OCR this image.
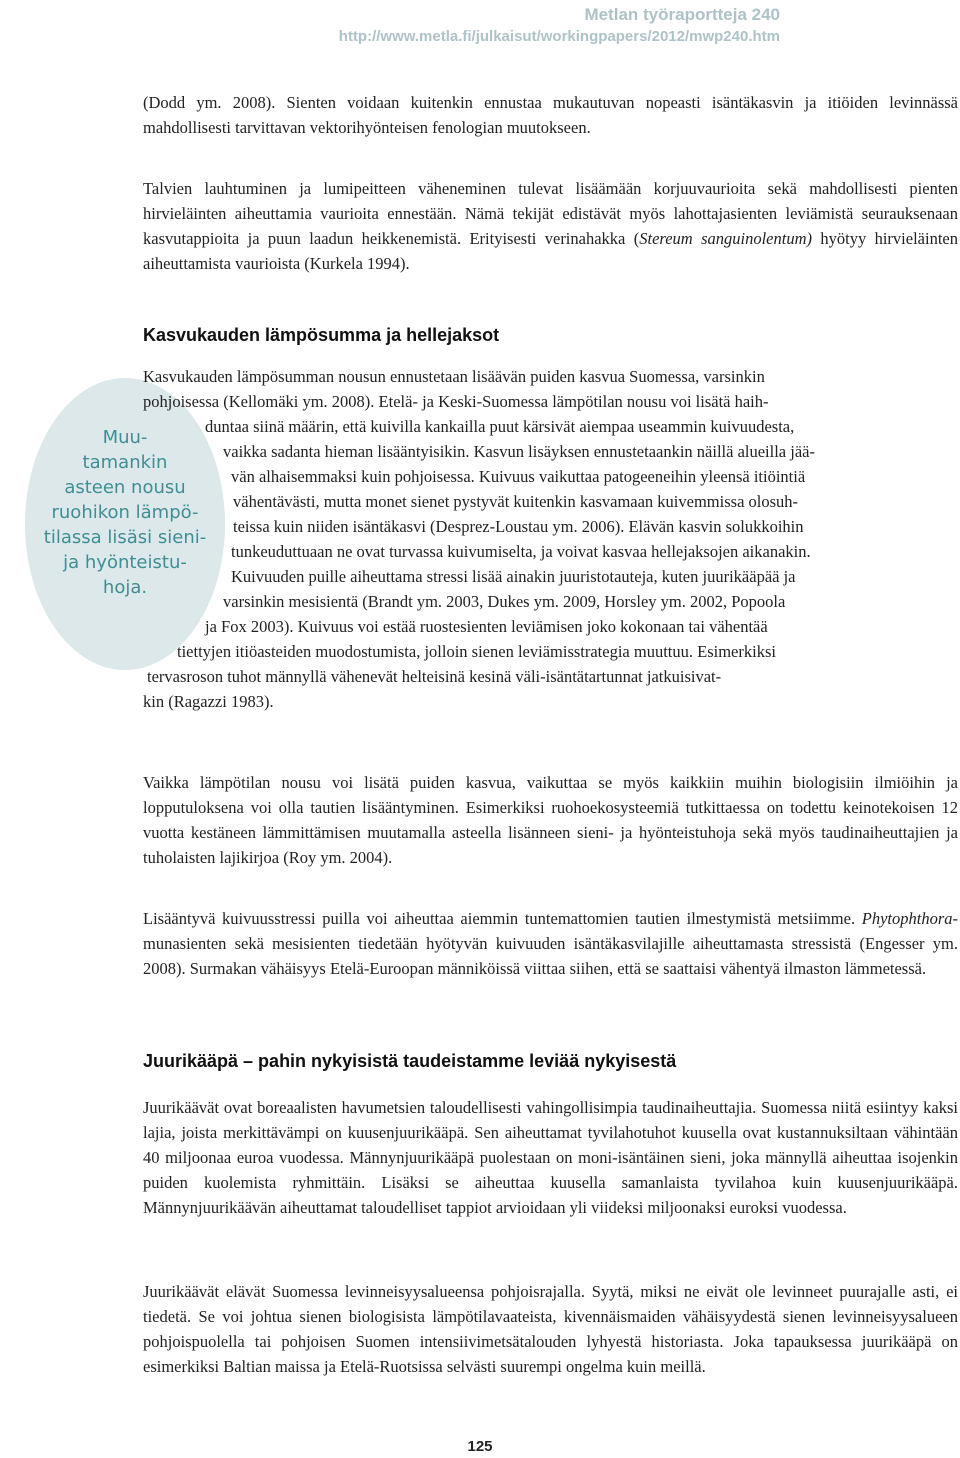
Metlan työraportteja 240
http://www.metla.fi/julkaisut/workingpapers/2012/mwp240.htm

(Dodd ym. 2008). Sienten voidaan kuitenkin ennustaa mukautuvan nopeasti isäntäkasvin ja itiöiden levinnässä mahdollisesti tarvittavan vektorihyönteisen fenologian muutokseen.

Talvien lauhtuminen ja lumipeitteen väheneminen tulevat lisäämään korjuuvaurioita sekä mahdollisesti pienten hirvieläinten aiheuttamia vaurioita ennestään. Nämä tekijät edistävät myös lahottajasienten leviämistä seurauksenaan kasvutappioita ja puun laadun heikkenemistä. Erityisesti verinahakka (Stereum sanguinolentum) hyötyy hirvieläinten aiheuttamista vaurioista (Kurkela 1994).

Kasvukauden lämpösumma ja hellejaksot
Muu-
tamankin
asteen nousu
ruohikon lämpö-
tilassa lisäsi sieni-
ja hyönteistu-
hoja.
Kasvukauden lämpösumman nousun ennustetaan lisäävän puiden kasvua Suomessa, varsinkin
pohjoisessa (Kellomäki ym. 2008). Etelä- ja Keski-Suomessa lämpötilan nousu voi lisätä haih-
duntaa siinä määrin, että kuivilla kankailla puut kärsivät aiempaa useammin kuivuudesta,
vaikka sadanta hieman lisääntyisikin. Kasvun lisäyksen ennustetaankin näillä alueilla jää-
vän alhaisemmaksi kuin pohjoisessa. Kuivuus vaikuttaa patogeeneihin yleensä itiöintiä
vähentävästi, mutta monet sienet pystyvät kuitenkin kasvamaan kuivemmissa olosuh-
teissa kuin niiden isäntäkasvi (Desprez-Loustau ym. 2006). Elävän kasvin solukkoihin
tunkeuduttuaan ne ovat turvassa kuivumiselta, ja voivat kasvaa hellejaksojen aikanakin.
Kuivuuden puille aiheuttama stressi lisää ainakin juuristotauteja, kuten juurikääpää ja
varsinkin mesisientä (Brandt ym. 2003, Dukes ym. 2009, Horsley ym. 2002, Popoola
ja Fox 2003). Kuivuus voi estää ruostesienten leviämisen joko kokonaan tai vähentää
tiettyjen itiöasteiden muodostumista, jolloin sienen leviämisstrategia muuttuu. Esimerkiksi
tervasroson tuhot männyllä vähenevät helteisinä kesinä väli-isäntätartunnat jatkuisivat-
kin (Ragazzi 1983).

Vaikka lämpötilan nousu voi lisätä puiden kasvua, vaikuttaa se myös kaikkiin muihin biologisiin ilmiöihin ja lopputuloksena voi olla tautien lisääntyminen. Esimerkiksi ruohoekosysteemiä tutkittaessa on todettu keinotekoisen 12 vuotta kestäneen lämmittämisen muutamalla asteella lisänneen sieni- ja hyönteistuhoja sekä myös taudinaiheuttajien ja tuholaisten lajikirjoa (Roy ym. 2004).

Lisääntyvä kuivuusstressi puilla voi aiheuttaa aiemmin tuntemattomien tautien ilmestymistä metsiimme. Phytophthora-munasienten sekä mesisienten tiedetään hyötyvän kuivuuden isäntäkasvilajille aiheuttamasta stressistä (Engesser ym. 2008). Surmakan vähäisyys Etelä-Euroopan männiköissä viittaa siihen, että se saattaisi vähentyä ilmaston lämmetessä.

Juurikääpä – pahin nykyisistä taudeistamme leviää nykyisestä

Juurikäävät ovat boreaalisten havumetsien taloudellisesti vahingollisimpia taudinaiheuttajia. Suomessa niitä esiintyy kaksi lajia, joista merkittävämpi on kuusenjuurikääpä. Sen aiheuttamat tyvilahotuhot kuusella ovat kustannuksiltaan vähintään 40 miljoonaa euroa vuodessa. Männynjuurikääpä puolestaan on moni-isäntäinen sieni, joka männyllä aiheuttaa isojenkin puiden kuolemista ryhmittäin. Lisäksi se aiheuttaa kuusella samanlaista tyvilahoa kuin kuusenjuurikääpä. Männynjuurikäävän aiheuttamat taloudelliset tappiot arvioidaan yli viideksi miljoonaksi euroksi vuodessa.

Juurikäävät elävät Suomessa levinneisyysalueensa pohjoisrajalla. Syytä, miksi ne eivät ole levinneet puurajalle asti, ei tiedetä. Se voi johtua sienen biologisista lämpötilavaateista, kivennäismaiden vähäisyydestä sienen levinneisyysalueen pohjoispuolella tai pohjoisen Suomen intensiivimetsätalouden lyhyestä historiasta. Joka tapauksessa juurikääpä on esimerkiksi Baltian maissa ja Etelä-Ruotsissa selvästi suurempi ongelma kuin meillä.

125
